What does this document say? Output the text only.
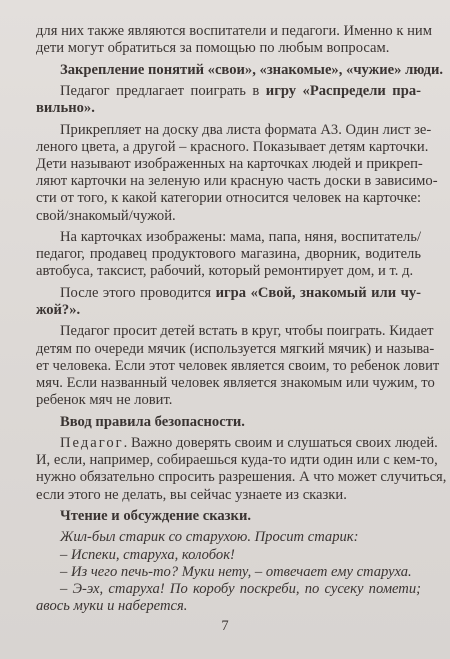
для них также являются воспитатели и педагоги. Именно к ним
дети могут обратиться за помощью по любым вопросам.
Закрепление понятий «свои», «знакомые», «чужие» люди.
Педагог предлагает поиграть в игру «Распредели пра-
вильно».
Прикрепляет на доску два листа формата А3. Один лист зе-
леного цвета, а другой – красного. Показывает детям карточки.
Дети называют изображенных на карточках людей и прикреп-
ляют карточки на зеленую или красную часть доски в зависимо-
сти от того, к какой категории относится человек на карточке:
свой/знакомый/чужой.
На карточках изображены: мама, папа, няня, воспитатель/
педагог, продавец продуктового магазина, дворник, водитель
автобуса, таксист, рабочий, который ремонтирует дом, и т. д.
После этого проводится игра «Свой, знакомый или чу-
жой?».
Педагог просит детей встать в круг, чтобы поиграть. Кидает
детям по очереди мячик (используется мягкий мячик) и называ-
ет человека. Если этот человек является своим, то ребенок ловит
мяч. Если названный человек является знакомым или чужим, то
ребенок мяч не ловит.
Ввод правила безопасности.
Педагог. Важно доверять своим и слушаться своих людей.
И, если, например, собираешься куда-то идти один или с кем-то,
нужно обязательно спросить разрешения. А что может случиться,
если этого не делать, вы сейчас узнаете из сказки.
Чтение и обсуждение сказки.
Жил-был старик со старухою. Просит старик:
– Испеки, старуха, колобок!
– Из чего печь-то? Муки нету, – отвечает ему старуха.
– Э-эх, старуха! По коробу поскреби, по сусеку помети;
авось муки и наберется.
7
